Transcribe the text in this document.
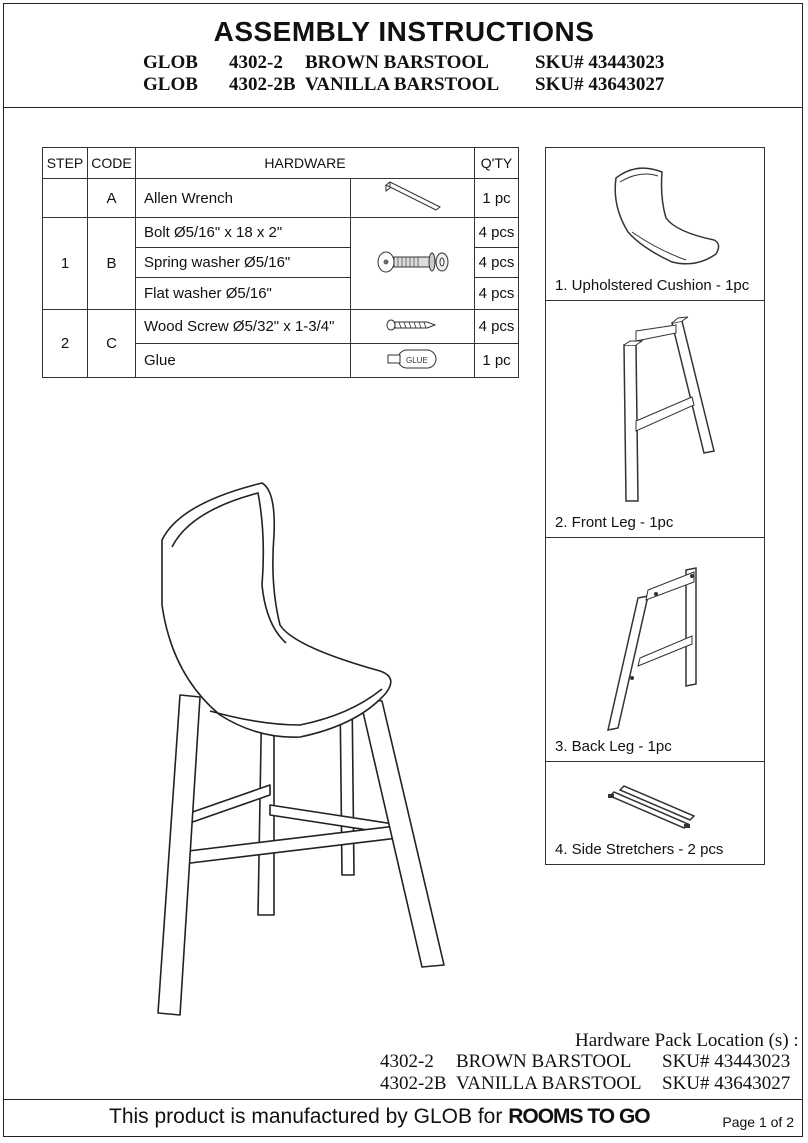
ASSEMBLY INSTRUCTIONS
GLOB 4302-2 BROWN BARSTOOL SKU# 43443023
GLOB 4302-2B VANILLA BARSTOOL SKU# 43643027
STEP	CODE	HARDWARE		Q'TY
	A	Allen Wrench		1 pc
1	B	Bolt Ø5/16" x 18 x 2"		4 pcs
		Spring washer Ø5/16"		4 pcs
		Flat washer Ø5/16"		4 pcs
2	C	Wood Screw Ø5/32" x 1-3/4"		4 pcs
		Glue	GLUE	1 pc
1. Upholstered Cushion - 1pc
2. Front Leg - 1pc
3. Back Leg - 1pc
4. Side Stretchers - 2 pcs
Hardware Pack Location (s) :
4302-2 BROWN BARSTOOL SKU# 43443023
4302-2B VANILLA BARSTOOL SKU# 43643027
This product is manufactured by GLOB for ROOMS TO GO	Page 1 of 2
